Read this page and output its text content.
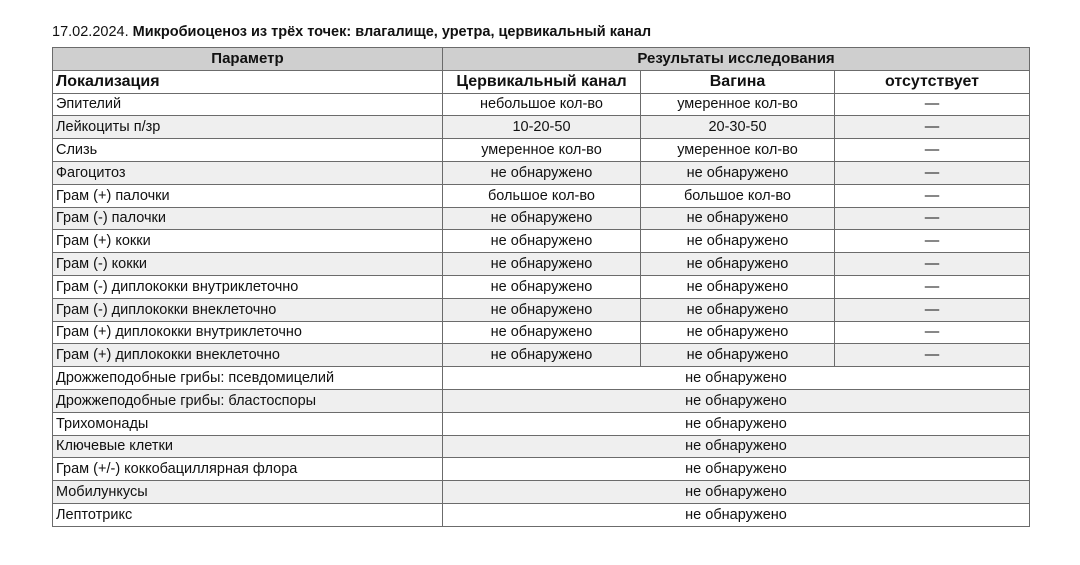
17.02.2024. Микробиоценоз из трёх точек: влагалище, уретра, цервикальный канал
Параметр	Результаты исследования		
Локализация	Цервикальный канал	Вагина	отсутствует
Эпителий	небольшое кол-во	умеренное кол-во	—
Лейкоциты п/зр	10-20-50	20-30-50	—
Слизь	умеренное кол-во	умеренное кол-во	—
Фагоцитоз	не обнаружено	не обнаружено	—
Грам (+) палочки	большое кол-во	большое кол-во	—
Грам (-) палочки	не обнаружено	не обнаружено	—
Грам (+) кокки	не обнаружено	не обнаружено	—
Грам (-) кокки	не обнаружено	не обнаружено	—
Грам (-) диплококки внутриклеточно	не обнаружено	не обнаружено	—
Грам (-) диплококки внеклеточно	не обнаружено	не обнаружено	—
Грам (+) диплококки внутриклеточно	не обнаружено	не обнаружено	—
Грам (+) диплококки внеклеточно	не обнаружено	не обнаружено	—
Дрожжеподобные грибы: псевдомицелий	не обнаружено		
Дрожжеподобные грибы: бластоспоры	не обнаружено		
Трихомонады	не обнаружено		
Ключевые клетки	не обнаружено		
Грам (+/-) коккобациллярная флора	не обнаружено		
Мобилункусы	не обнаружено		
Лептотрикс	не обнаружено		
